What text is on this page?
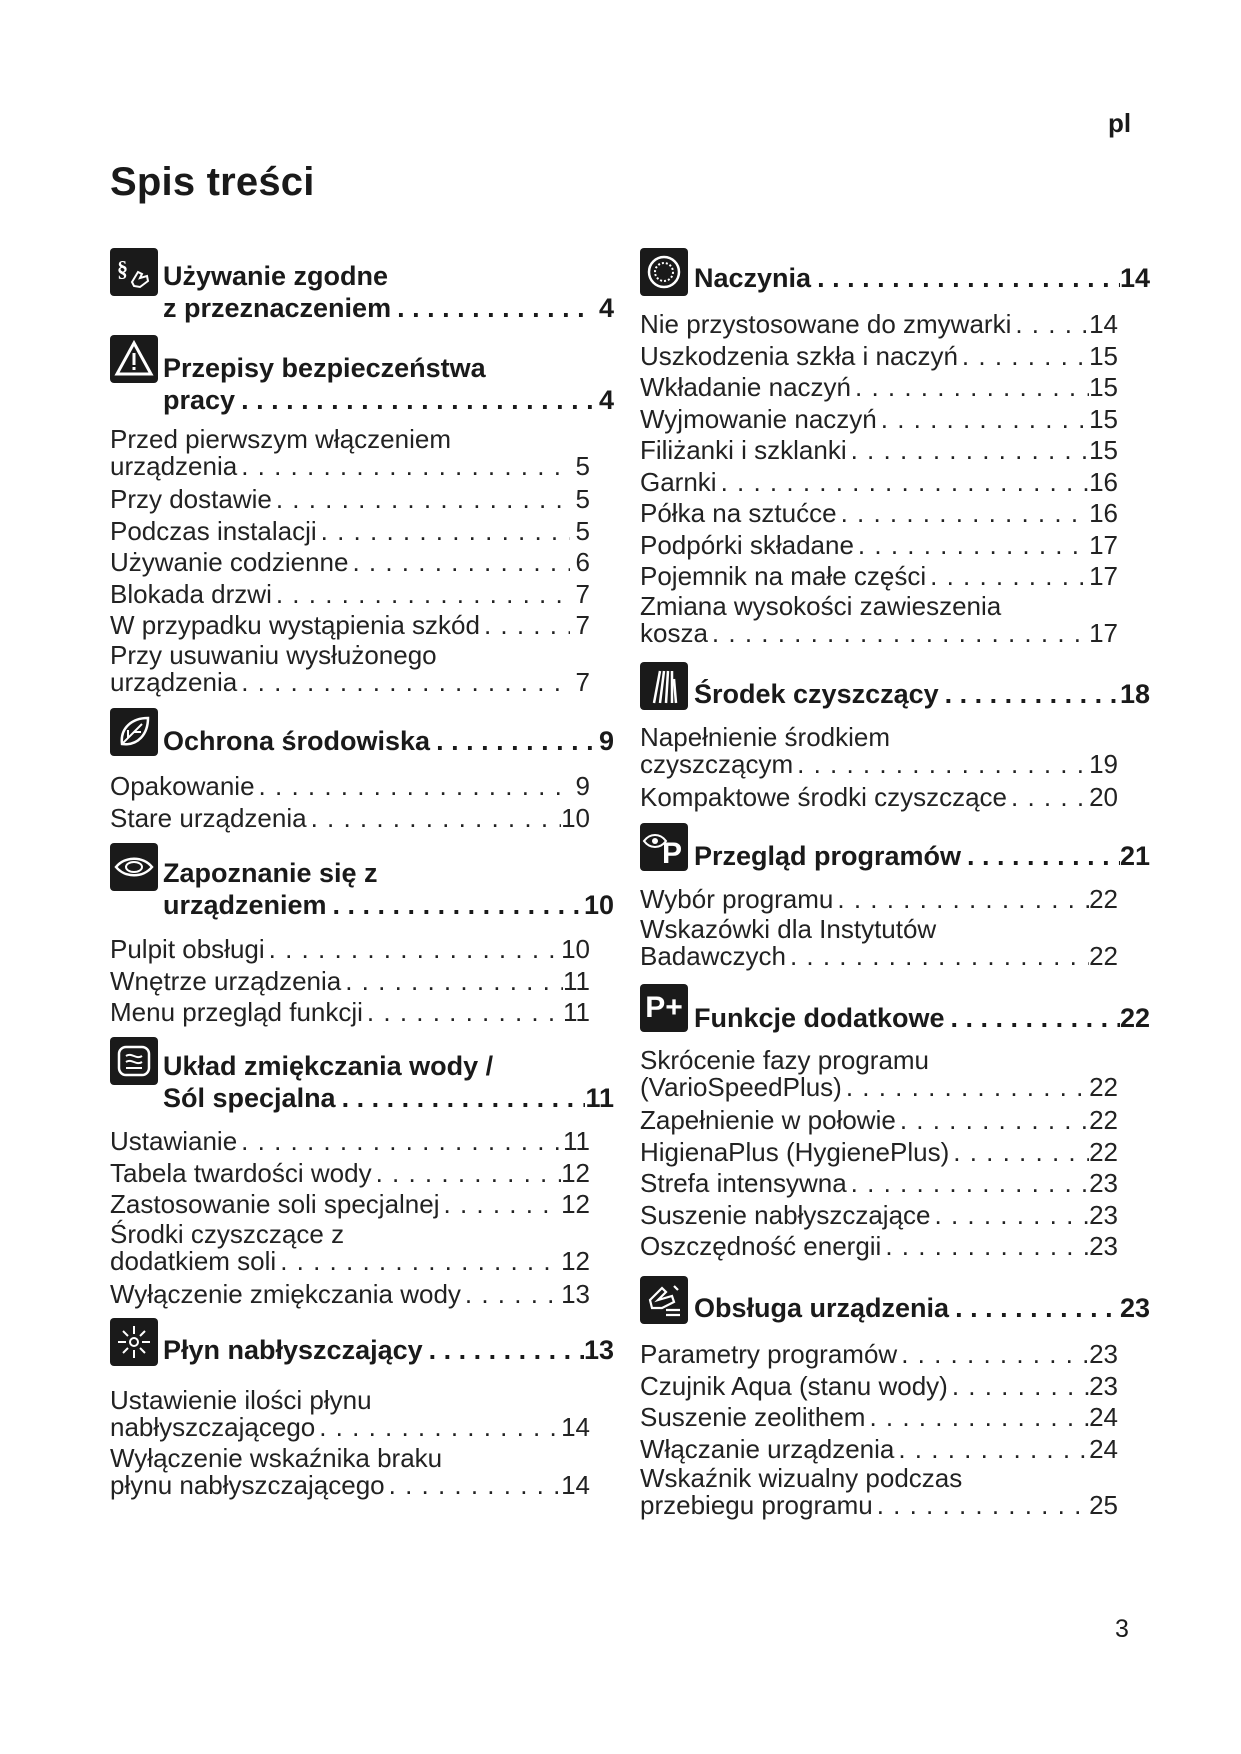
pl
Spis treści
3
§ Używanie zgodne
z przeznaczeniem . . .	4
Przepisy bezpieczeństwa
pracy . . .	4
Przed pierwszym włączeniem
urządzenia . . .	5
Przy dostawie . . .	5
Podczas instalacji . . .	5
Używanie codzienne . . .	6
Blokada drzwi . . .	7
W przypadku wystąpienia szkód . . .	7
Przy usuwaniu wysłużonego
urządzenia . . .	7
Ochrona środowiska . . .	9
Opakowanie . . .	9
Stare urządzenia . . .	10
Zapoznanie się z
urządzeniem . . .	10
Pulpit obsługi . . .	10
Wnętrze urządzenia . . .	11
Menu przegląd funkcji . . .	11
Układ zmiękczania wody /
Sól specjalna . . .	11
Ustawianie . . .	11
Tabela twardości wody . . .	12
Zastosowanie soli specjalnej . . .	12
Środki czyszczące z
dodatkiem soli . . .	12
Wyłączenie zmiękczania wody . . .	13
Płyn nabłyszczający . . .	13
Ustawienie ilości płynu
nabłyszczającego . . .	14
Wyłączenie wskaźnika braku
płynu nabłyszczającego . . .	14
Naczynia . . .	14
Nie przystosowane do zmywarki . . .	14
Uszkodzenia szkła i naczyń . . .	15
Wkładanie naczyń . . .	15
Wyjmowanie naczyń . . .	15
Filiżanki i szklanki . . .	15
Garnki . . .	16
Półka na sztućce . . .	16
Podpórki składane . . .	17
Pojemnik na małe części . . .	17
Zmiana wysokości zawieszenia
kosza . . .	17
Środek czyszczący . . .	18
Napełnienie środkiem
czyszczącym . . .	19
Kompaktowe środki czyszczące . . .	20
P Przegląd programów . . .	21
Wybór programu . . .	22
Wskazówki dla Instytutów
Badawczych . . .	22
P+ Funkcje dodatkowe . . .	22
Skrócenie fazy programu
(VarioSpeedPlus) . . .	22
Zapełnienie w połowie . . .	22
HigienaPlus (HygienePlus) . . .	22
Strefa intensywna . . .	23
Suszenie nabłyszczające . . .	23
Oszczędność energii . . .	23
Obsługa urządzenia . . .	23
Parametry programów . . .	23
Czujnik Aqua (stanu wody) . . .	23
Suszenie zeolithem . . .	24
Włączanie urządzenia . . .	24
Wskaźnik wizualny podczas
przebiegu programu . . .	25
